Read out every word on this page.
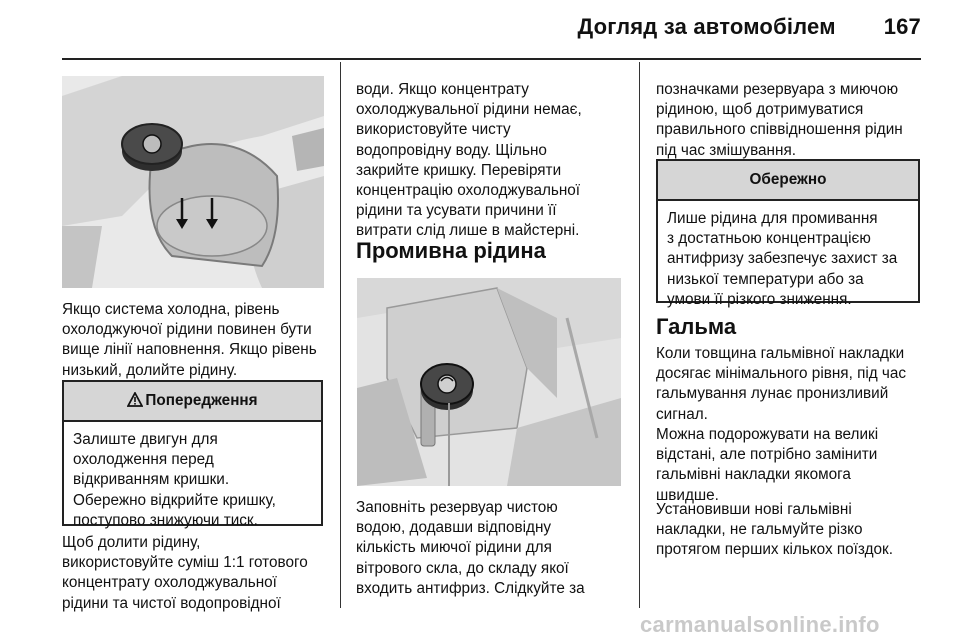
Догляд за автомобілем 167

Якщо система холодна, рівень

охолоджуючої рідини повинен бути

вище лінії наповнення. Якщо рівень

низький, долийте рідину.

Попередження

Залиште двигун для

охолодження перед

відкриванням кришки.

Обережно відкрийте кришку,

поступово знижуючи тиск.

Щоб долити рідину,

використовуйте суміш 1:1 готового

концентрату охолоджувальної

рідини та чистої водопровідної

води. Якщо концентрату

охолоджувальної рідини немає,

використовуйте чисту

водопровідну воду. Щільно

закрийте кришку. Перевіряти

концентрацію охолоджувальної

рідини та усувати причини її

витрати слід лише в майстерні.

Промивна рідина

Заповніть резервуар чистою

водою, додавши відповідну

кількість миючої рідини для

вітрового скла, до складу якої

входить антифриз. Слідкуйте за

позначками резервуара з миючою

рідиною, щоб дотримуватися

правильного співвідношення рідин

під час змішування.

Обережно

Лише рідина для промивання

з достатньою концентрацією

антифризу забезпечує захист за

низької температури або за

умови її різкого зниження.

Гальма

Коли товщина гальмівної накладки

досягає мінімального рівня, під час

гальмування лунає пронизливий

сигнал.

Можна подорожувати на великі

відстані, але потрібно замінити

гальмівні накладки якомога

швидше.

Установивши нові гальмівні

накладки, не гальмуйте різко

протягом перших кількох поїздок.

carmanualsonline.info
